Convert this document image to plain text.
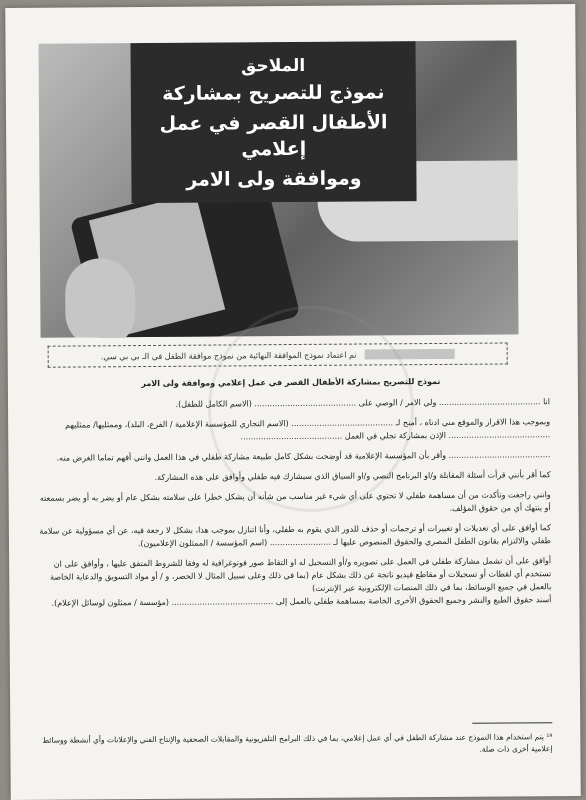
الملاحق
نموذج للتصريح بمشاركة
الأطفال القصر في عمل إعلامي
وموافقة ولى الامر
تم اعتماد نموذج الموافقة النهائية من نموذج موافقة الطفل في الـ بي بي سي.
نموذج للتصريح بمشاركة الأطفال القصر في عمل إعلامي وموافقة ولى الامر

انا ........................................ ولي الامر / الوصي على ........................................ (الاسم الكامل للطفل).

وبموجب هذا الاقرار والموقع مني ادناه ، أمنح لـ ........................................ (الاسم التجاري للمؤسسة الإعلامية / الفرع، البلد)، وممثليها/ ممثليهم ........................................ الإذن بمشاركة تجلي في العمل ........................................

........................................ وأقر بأن المؤسسة الإعلامية قد أوضحت بشكل كامل طبيعة مشاركة طفلي في هذا العمل وانني أفهم تماما الغرض منه.

كما أقر بأنني قرأت أسئلة المقابلة و/او البرنامج النصي و/او السياق الذي سيشارك فيه طفلي وأوافق على هذه المشاركة.

وانني راجعت وتأكدت من أن مساهمة طفلي لا تحتوي على أي شيء غير مناسب من شأنه أن يشكل خطرا على سلامته بشكل عام أو يضر به أو يضر بسمعته أو ينتهك أي من حقوق المؤلف.

كما أوافق على أي تعديلات أو تغييرات أو ترجمات أو حذف للدور الذي يقوم به طفلي، وأنا اتنازل بموجب هذا، بشكل لا رجعة فيه، عن أي مسؤولية عن سلامة طفلي والالتزام بقانون الطفل المصري والحقوق المنصوص عليها لـ ........................ (اسم المؤسسة / الممثلون الإعلاميون).

أوافق على أن تشمل مشاركة طفلي في العمل على تصويره و/أو التسجيل له او التقاط صور فوتوغرافية له وفقا للشروط المتفق عليها ، وأوافق على ان تستخدم أي لقطات أو تسجيلات أو مقاطع فيديو ناتجة عن ذلك بشكل عام (بما في ذلك وعلى سبيل المثال لا الحصر، و / أو مواد التسويق والدعاية الخاصة بالعمل في جميع الوسائط، بما في ذلك المنصات الإلكترونية عبر الإنترنت)

أسند حقوق الطبع والنشر وجميع الحقوق الأخرى الخاصة بمساهمة طفلي بالعمل إلى ........................................ (مؤسسة / ممثلون لوسائل الإعلام).

¹⁹ يتم استخدام هذا النموذج عند مشاركة الطفل في أي عمل إعلامي، بما في ذلك البرامج التلفزيونية والمقابلات الصحفية والإنتاج الفني والإعلانات وأي أنشطة ووسائط إعلامية أخرى ذات صلة.
